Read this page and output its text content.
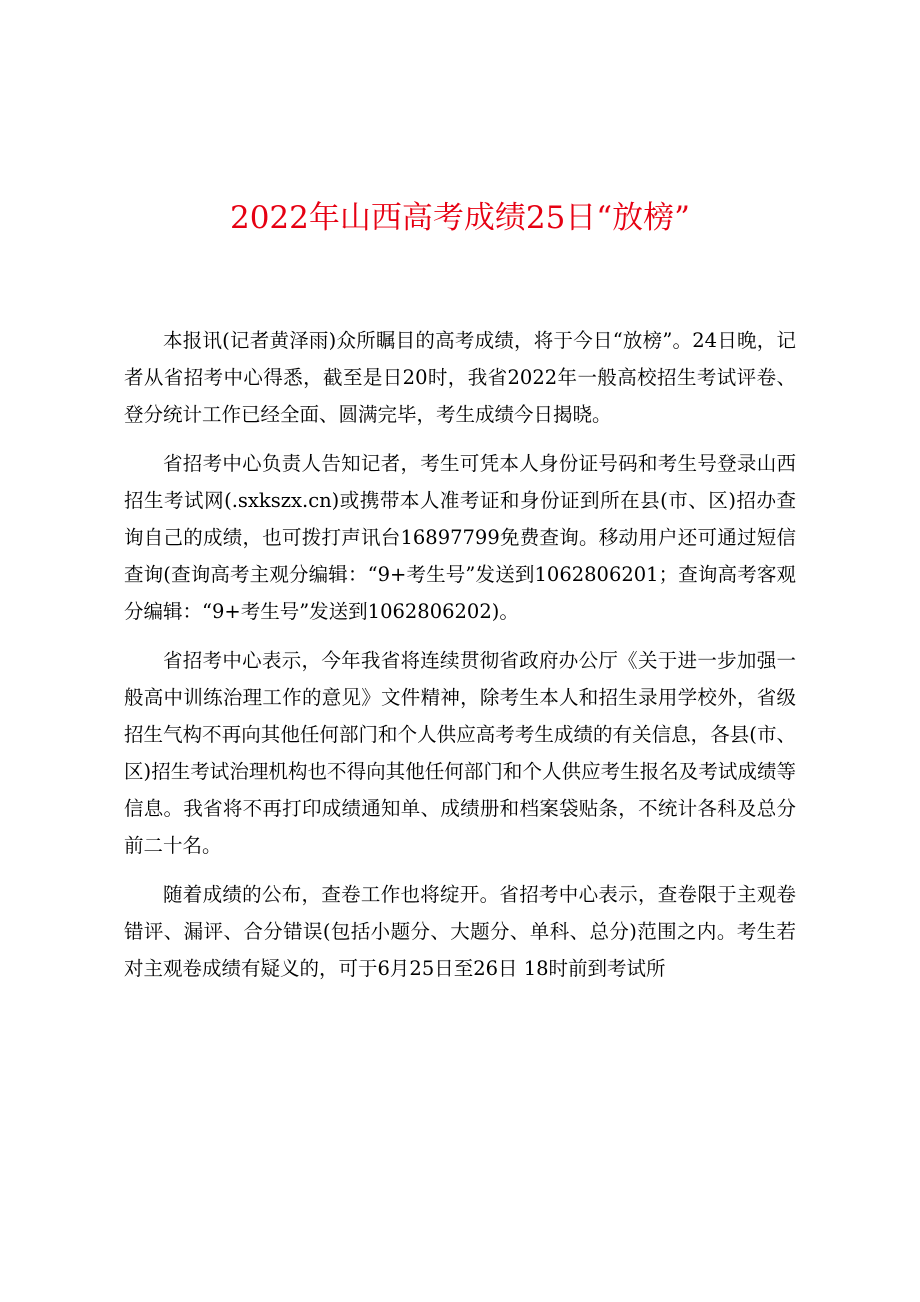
2022年山西高考成绩25日“放榜”

本报讯(记者黄泽雨)众所瞩目的高考成绩，将于今日“放榜”。24日晚，记者从省招考中心得悉，截至是日20时，我省2022年一般高校招生考试评卷、登分统计工作已经全面、圆满完毕，考生成绩今日揭晓。

省招考中心负责人告知记者，考生可凭本人身份证号码和考生号登录山西招生考试网(.sxkszx.cn)或携带本人准考证和身份证到所在县(市、区)招办查询自己的成绩，也可拨打声讯台16897799免费查询。移动用户还可通过短信查询(查询高考主观分编辑：“9+考生号”发送到1062806201；查询高考客观分编辑：“9+考生号”发送到1062806202)。

省招考中心表示，今年我省将连续贯彻省政府办公厅《关于进一步加强一般高中训练治理工作的意见》文件精神，除考生本人和招生录用学校外，省级招生气构不再向其他任何部门和个人供应高考考生成绩的有关信息，各县(市、区)招生考试治理机构也不得向其他任何部门和个人供应考生报名及考试成绩等信息。我省将不再打印成绩通知单、成绩册和档案袋贴条，不统计各科及总分前二十名。

随着成绩的公布，查卷工作也将绽开。省招考中心表示，查卷限于主观卷错评、漏评、合分错误(包括小题分、大题分、单科、总分)范围之内。考生若对主观卷成绩有疑义的，可于6月25日至26日 18时前到考试所
